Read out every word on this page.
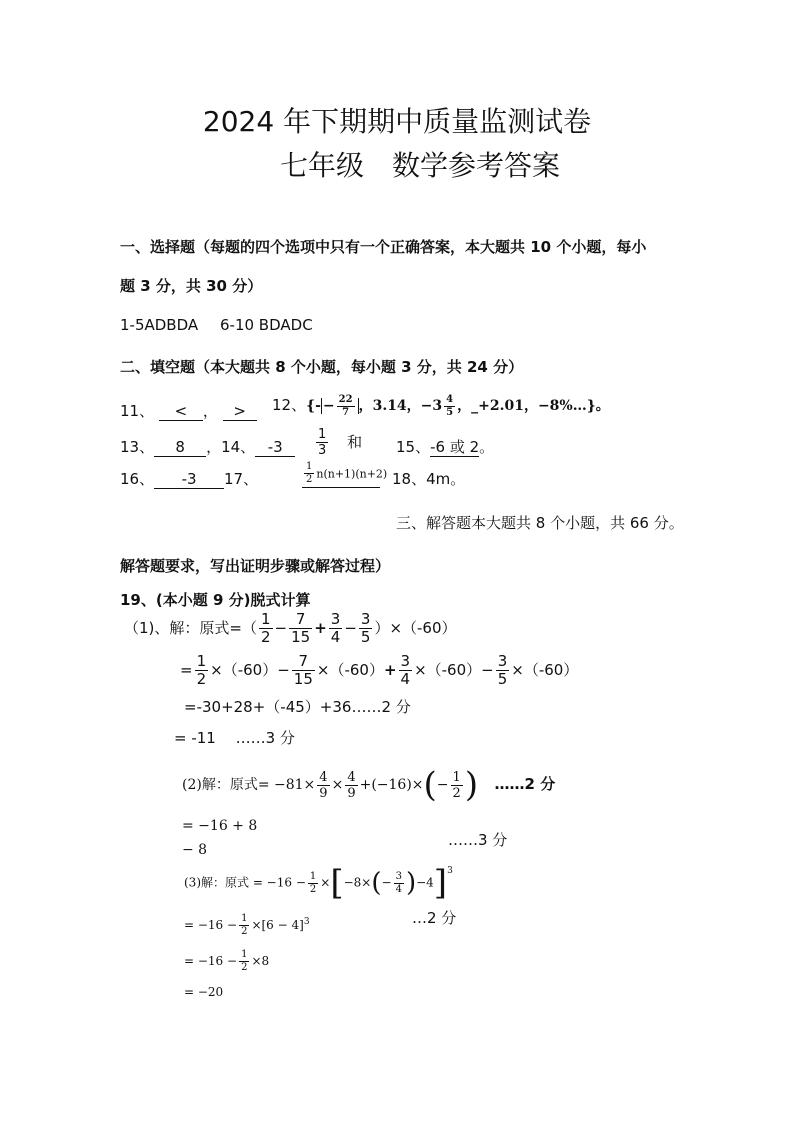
2024 年下期期中质量监测试卷
七年级　数学参考答案
一、选择题（每题的四个选项中只有一个正确答案，本大题共 10 个小题，每小
题 3 分，共 30 分）
1-5ADBDA 6-10 BDADC
二、填空题（本大题共 8 个小题，每小题 3 分，共 24 分）
11、 < ， >	12、{- − $\frac{22}{7}$ ，3.14，$-3 \frac{4}{5}$ ，_+2.01，−8%…}。
13、 8 ，14、 -3	$\frac{1}{3}$ 和 15、-6 或 2。
16、 -3	17、	$\frac{1}{2} n(n+1)(n+2)$ 18、4m。
三、解答题本大题共 8 个小题，共 66 分。
解答题要求，写出证明步骤或解答过程）
19、(本小题 9 分)脱式计算
（1)、解：原式=（ $\frac{1}{2} - \frac{7}{15} + \frac{3}{4} - \frac{3}{5} )\times(-60)$
= $\frac{1}{2} \times(-60)- \frac{7}{15} \times(-60)+ \frac{3}{4} \times(-60)- \frac{3}{5} \times(-60)$
=-30+28+（-45）+36……2 分
= -11　 ……3 分
(2)解：原式= $-81\times \frac{4}{9} \times \frac{4}{9} +(-16)\times(- \frac{1}{2}$ ) ……2 分
= −16 + 8
……3 分
− 8
(3)解：原式 = $-16 - \frac{1}{2} \times[-8\times(- \frac{3}{4} )-4]^3$
…2 分
= $-16 - \frac{1}{2} \times[6 - 4]^3$
= $-16 - \frac{1}{2} \times 8$
= −20
